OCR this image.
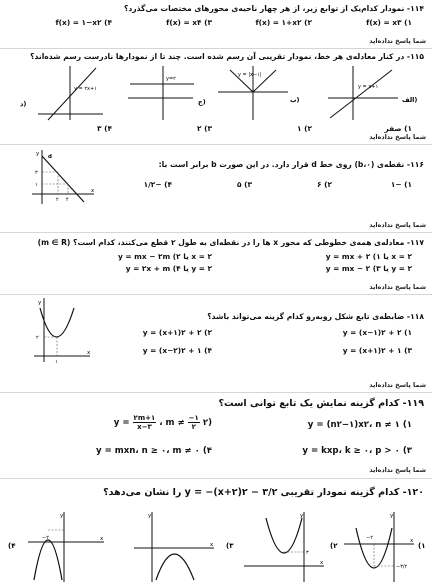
۱۱۴- نمودار کدام‌یک از توابع زیر، از هر چهار ناحیه‌ی محورهای مختصات می‌گذرد؟
f(x) = x۳ (۱
f(x) = ۱+x۲ (۲
f(x) = x۴ (۳
f(x) = ۱−x۲ (۴
شما پاسخ نداده‌اید
۱۱۵- در کنار معادله‌ی هر خط، نمودار تقریبی آن رسم شده است. چند تا از نمودارها نادرست رسم شده‌اند؟
y = ۲x+۱
د)
y=۲
ج)
y = |x−۱|
ب)
y = x+۱
الف)
۱) صفر
۲) ۱
۳) ۲
۴) ۳
شما پاسخ نداده‌اید
d
y
x
۳
۱
۲ ۴
۱۱۶- نقطه‌ی (۰،b) روی خط d قرار دارد. در این صورت b برابر است با:
۱) −۱
۲) ۶
۳) ۵
۴) −۱/۲
شما پاسخ نداده‌اید
۱۱۷- معادله‌ی همه‌ی خطوطی که محور x ها را در نقطه‌ای به طول ۲ قطع می‌کنند، کدام است؟ (m ∈ R)
x = ۲ یا y = mx + ۲ (۱
x = ۲ یا y = mx − ۲m (۲
y = ۲ یا y = mx − ۲ (۳
y = ۲ یا y = ۲x + m (۴
شما پاسخ نداده‌اید
y
x
۲
۱
۱۱۸- ضابطه‌ی تابع شکل روبه‌رو کدام گزینه می‌تواند باشد؟
y = (x−۱)۲ + ۲ (۱
y = (x+۱)۲ + ۲ (۲
y = (x+۱)۲ + ۱ (۳
y = (x−۲)۲ + ۱ (۴
شما پاسخ نداده‌اید
۱۱۹- کدام گزینه نمایش یک تابع توانی است؟
y = (n۲−۱)x۲، n ≠ ۱ (۱
(۲ $y = \frac{۲m+۱}{x-۳}$ ، $m \ne \frac{-۱}{۲}$
y = kxp، k ≥ ۰، p > ۰ (۳
y = mxn، n ≥ ۰، m ≠ ۰ (۴
شما پاسخ نداده‌اید
۱۲۰- کدام گزینه نمودار تقریبی y = −(x+۲)۲ − ۳/۲ را نشان می‌دهد؟
y
x
−۲
(۴
y
x (۳
y
x
۳
(۲
y
x
−۲
−۳/۲
(۱
